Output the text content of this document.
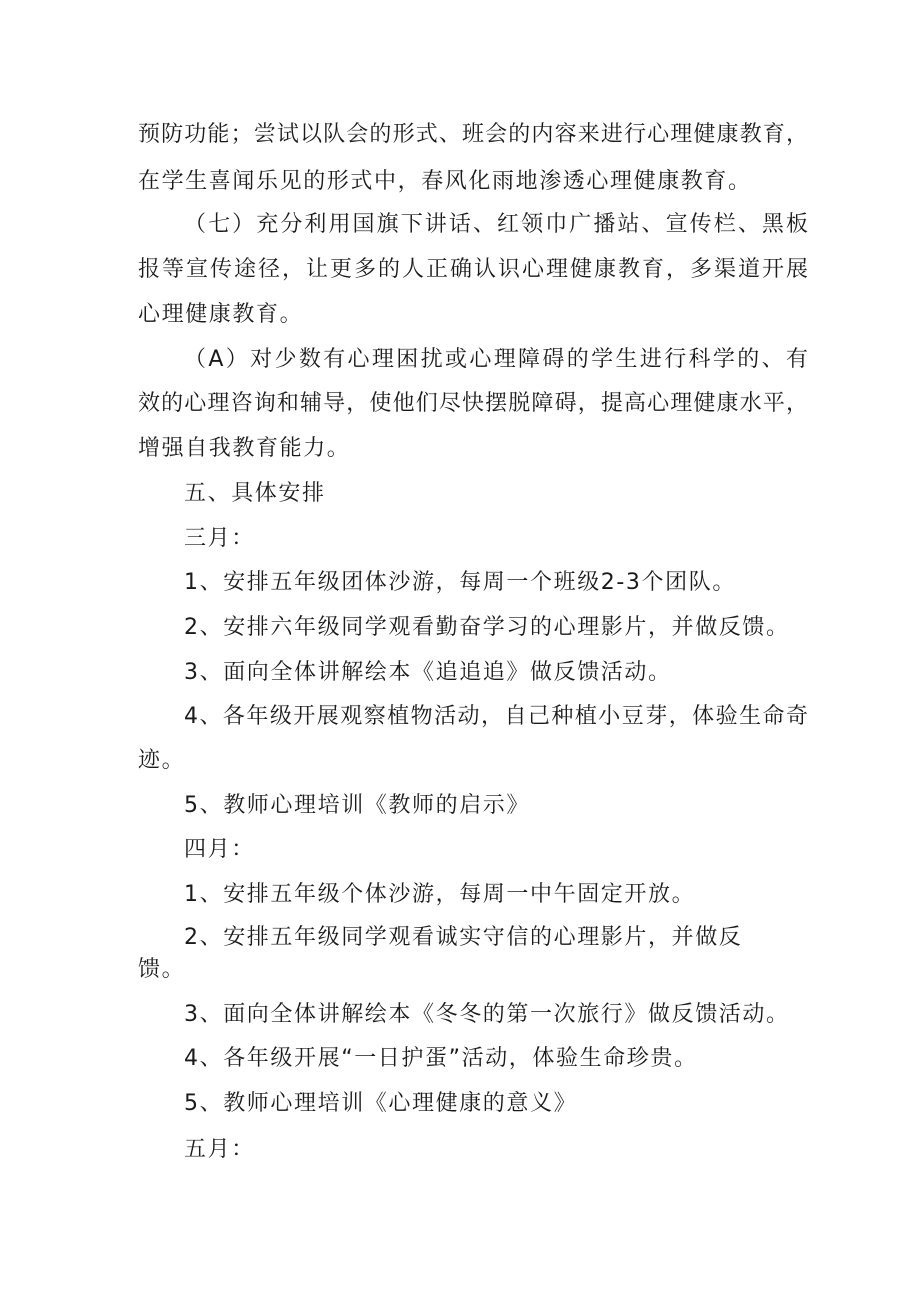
预防功能；尝试以队会的形式、班会的内容来进行心理健康教育，
在学生喜闻乐见的形式中，春风化雨地渗透心理健康教育。
（七）充分利用国旗下讲话、红领巾广播站、宣传栏、黑板
报等宣传途径，让更多的人正确认识心理健康教育，多渠道开展
心理健康教育。
（A）对少数有心理困扰或心理障碍的学生进行科学的、有
效的心理咨询和辅导，使他们尽快摆脱障碍，提高心理健康水平，
增强自我教育能力。
五、具体安排
三月：
1、安排五年级团体沙游，每周一个班级2-3个团队。
2、安排六年级同学观看勤奋学习的心理影片，并做反馈。
3、面向全体讲解绘本《追追追》做反馈活动。
4、各年级开展观察植物活动，自己种植小豆芽，体验生命奇
迹。
5、教师心理培训《教师的启示》
四月：
1、安排五年级个体沙游，每周一中午固定开放。
2、安排五年级同学观看诚实守信的心理影片，并做反
馈。
3、面向全体讲解绘本《冬冬的第一次旅行》做反馈活动。
4、各年级开展“一日护蛋”活动，体验生命珍贵。
5、教师心理培训《心理健康的意义》
五月：
